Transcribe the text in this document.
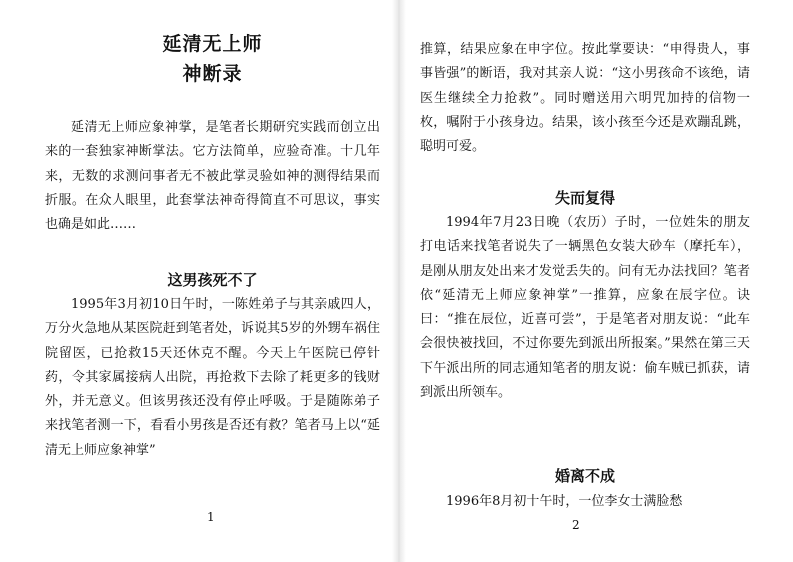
延清无上师

神断录

延清无上师应象神掌，是笔者长期研究实践而创立出来的一套独家神断掌法。它方法简单，应验奇准。十几年来，无数的求测问事者无不被此掌灵验如神的测得结果而折服。在众人眼里，此套掌法神奇得简直不可思议，事实也确是如此……

这男孩死不了

1995年3月初10日午时，一陈姓弟子与其亲戚四人，万分火急地从某医院赶到笔者处，诉说其5岁的外甥车祸住院留医，已抢救15天还休克不醒。今天上午医院已停针药，令其家属接病人出院，再抢救下去除了耗更多的钱财外，并无意义。但该男孩还没有停止呼吸。于是随陈弟子来找笔者测一下，看看小男孩是否还有救？笔者马上以“延清无上师应象神掌”

1

推算，结果应象在申字位。按此掌要诀：“申得贵人，事事皆强”的断语，我对其亲人说：“这小男孩命不该绝，请医生继续全力抢救”。同时赠送用六明咒加持的信物一枚，嘱附于小孩身边。结果，该小孩至今还是欢蹦乱跳，聪明可爱。

失而复得

1994年7月23日晚（农历）子时，一位姓朱的朋友打电话来找笔者说失了一辆黑色女装大砂车（摩托车），是刚从朋友处出来才发觉丢失的。问有无办法找回？笔者依“延清无上师应象神掌”一推算，应象在辰字位。诀曰：“推在辰位，近喜可尝”，于是笔者对朋友说：“此车会很快被找回，不过你要先到派出所报案。”果然在第三天下午派出所的同志通知笔者的朋友说：偷车贼已抓获，请到派出所领车。

婚离不成

1996年8月初十午时，一位李女士满脸愁

2
